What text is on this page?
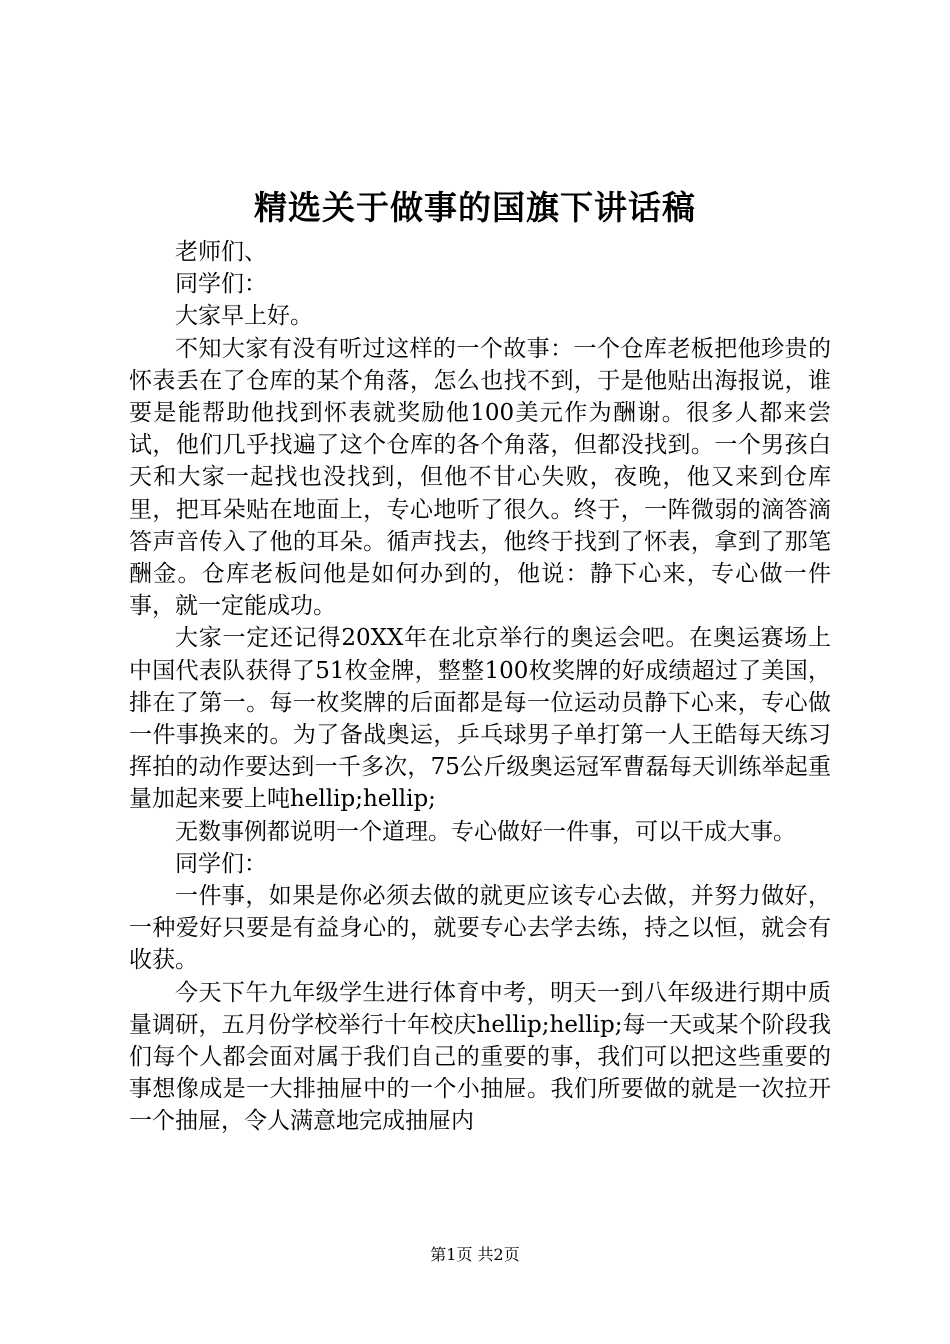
精选关于做事的国旗下讲话稿

老师们、

同学们：

大家早上好。

不知大家有没有听过这样的一个故事：一个仓库老板把他珍贵的怀表丢在了仓库的某个角落，怎么也找不到，于是他贴出海报说，谁要是能帮助他找到怀表就奖励他100美元作为酬谢。很多人都来尝试，他们几乎找遍了这个仓库的各个角落，但都没找到。一个男孩白天和大家一起找也没找到，但他不甘心失败，夜晚，他又来到仓库里，把耳朵贴在地面上，专心地听了很久。终于，一阵微弱的滴答滴答声音传入了他的耳朵。循声找去，他终于找到了怀表，拿到了那笔酬金。仓库老板问他是如何办到的，他说：静下心来，专心做一件事，就一定能成功。

大家一定还记得20XX年在北京举行的奥运会吧。在奥运赛场上中国代表队获得了51枚金牌，整整100枚奖牌的好成绩超过了美国，排在了第一。每一枚奖牌的后面都是每一位运动员静下心来，专心做一件事换来的。为了备战奥运，乒乓球男子单打第一人王皓每天练习挥拍的动作要达到一千多次，75公斤级奥运冠军曹磊每天训练举起重量加起来要上吨hellip;hellip;

无数事例都说明一个道理。专心做好一件事，可以干成大事。

同学们：

一件事，如果是你必须去做的就更应该专心去做，并努力做好，一种爱好只要是有益身心的，就要专心去学去练，持之以恒，就会有收获。

今天下午九年级学生进行体育中考，明天一到八年级进行期中质量调研，五月份学校举行十年校庆hellip;hellip;每一天或某个阶段我们每个人都会面对属于我们自己的重要的事，我们可以把这些重要的事想像成是一大排抽屉中的一个小抽屉。我们所要做的就是一次拉开一个抽屉，令人满意地完成抽屉内

第1页 共2页
